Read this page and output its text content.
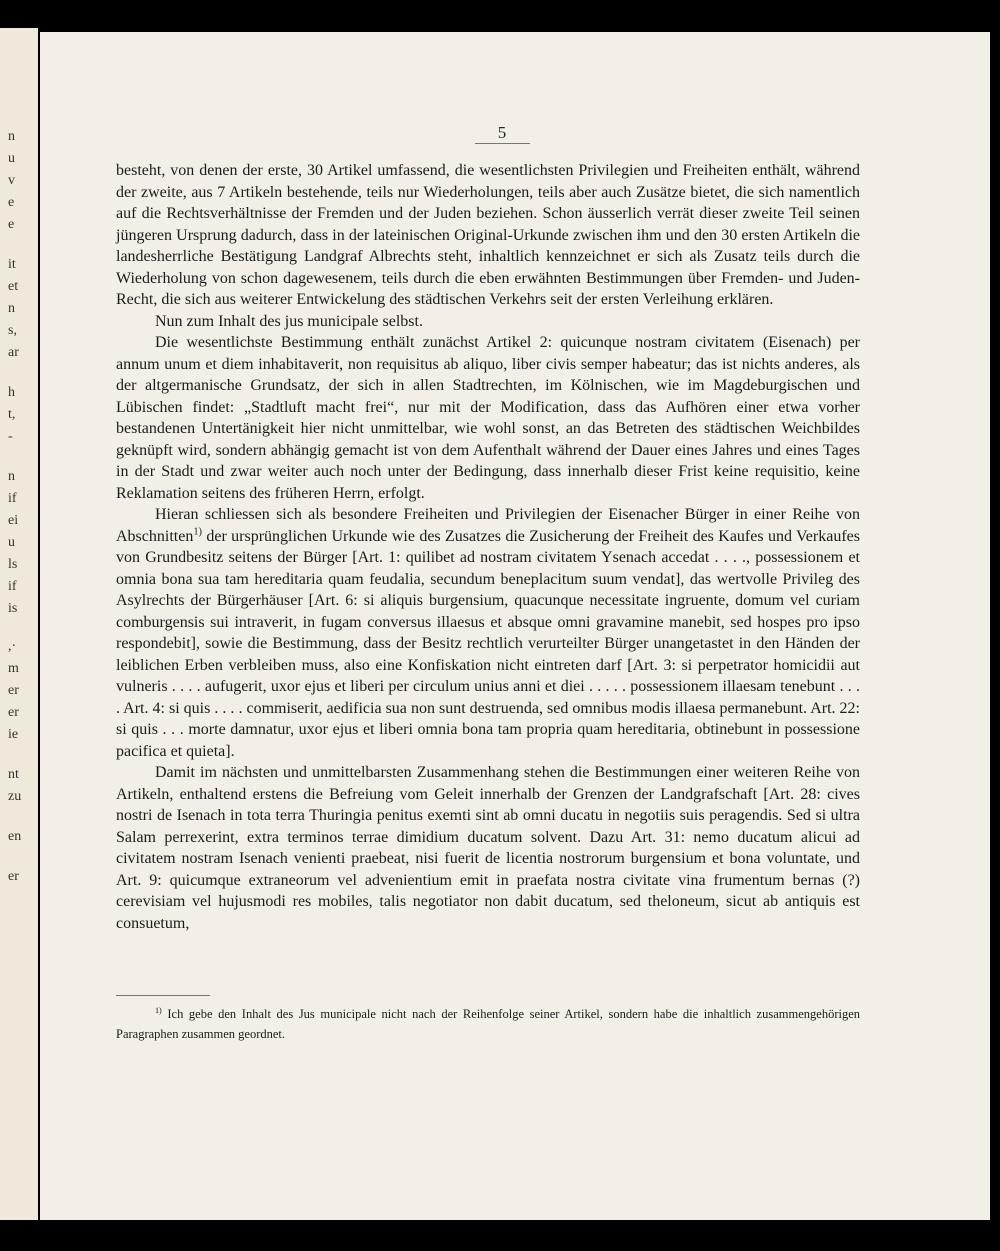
n
u
v
e
e
it
et
n
s,
ar
h
t,
-
n
if
ei
u
ls
if
is
,·
m
er
er
ie
nt
zu
en
er
5

besteht, von denen der erste, 30 Artikel umfassend, die wesentlichsten Privilegien und Freiheiten enthält, während der zweite, aus 7 Artikeln bestehende, teils nur Wiederholungen, teils aber auch Zusätze bietet, die sich namentlich auf die Rechtsverhältnisse der Fremden und der Juden beziehen. Schon äusserlich verrät dieser zweite Teil seinen jüngeren Ursprung dadurch, dass in der lateinischen Original-Urkunde zwischen ihm und den 30 ersten Artikeln die landesherrliche Bestätigung Landgraf Albrechts steht, inhaltlich kennzeichnet er sich als Zusatz teils durch die Wiederholung von schon dagewesenem, teils durch die eben erwähnten Bestimmungen über Fremden- und Juden-Recht, die sich aus weiterer Entwickelung des städtischen Verkehrs seit der ersten Verleihung erklären.

Nun zum Inhalt des jus municipale selbst.

Die wesentlichste Bestimmung enthält zunächst Artikel 2: quicunque nostram civitatem (Eisenach) per annum unum et diem inhabitaverit, non requisitus ab aliquo, liber civis semper habeatur; das ist nichts anderes, als der altgermanische Grundsatz, der sich in allen Stadtrechten, im Kölnischen, wie im Magdeburgischen und Lübischen findet: „Stadtluft macht frei“, nur mit der Modification, dass das Aufhören einer etwa vorher bestandenen Untertänigkeit hier nicht unmittelbar, wie wohl sonst, an das Betreten des städtischen Weichbildes geknüpft wird, sondern abhängig gemacht ist von dem Aufenthalt während der Dauer eines Jahres und eines Tages in der Stadt und zwar weiter auch noch unter der Bedingung, dass innerhalb dieser Frist keine requisitio, keine Reklamation seitens des früheren Herrn, erfolgt.

Hieran schliessen sich als besondere Freiheiten und Privilegien der Eisenacher Bürger in einer Reihe von Abschnitten$^{1)}$ der ursprünglichen Urkunde wie des Zusatzes die Zusicherung der Freiheit des Kaufes und Verkaufes von Grundbesitz seitens der Bürger [Art. 1: quilibet ad nostram civitatem Ysenach accedat . . . ., possessionem et omnia bona sua tam hereditaria quam feudalia, secundum beneplacitum suum vendat], das wertvolle Privileg des Asylrechts der Bürgerhäuser [Art. 6: si aliquis burgensium, quacunque necessitate ingruente, domum vel curiam comburgensis sui intraverit, in fugam conversus illaesus et absque omni gravamine manebit, sed hospes pro ipso respondebit], sowie die Bestimmung, dass der Besitz rechtlich verurteilter Bürger unangetastet in den Händen der leiblichen Erben verbleiben muss, also eine Konfiskation nicht eintreten darf [Art. 3: si perpetrator homicidii aut vulneris . . . . aufugerit, uxor ejus et liberi per circulum unius anni et diei . . . . . possessionem illaesam tenebunt . . . . Art. 4: si quis . . . . commiserit, aedificia sua non sunt destruenda, sed omnibus modis illaesa permanebunt. Art. 22: si quis . . . morte damnatur, uxor ejus et liberi omnia bona tam propria quam hereditaria, obtinebunt in possessione pacifica et quieta].

Damit im nächsten und unmittelbarsten Zusammenhang stehen die Bestimmungen einer weiteren Reihe von Artikeln, enthaltend erstens die Befreiung vom Geleit innerhalb der Grenzen der Landgrafschaft [Art. 28: cives nostri de Isenach in tota terra Thuringia penitus exemti sint ab omni ducatu in negotiis suis peragendis. Sed si ultra Salam perrexerint, extra terminos terrae dimidium ducatum solvent. Dazu Art. 31: nemo ducatum alicui ad civitatem nostram Isenach venienti praebeat, nisi fuerit de licentia nostrorum burgensium et bona voluntate, und Art. 9: quicumque extraneorum vel advenientium emit in praefata nostra civitate vina frumentum bernas (?) cerevisiam vel hujusmodi res mobiles, talis negotiator non dabit ducatum, sed theloneum, sicut ab antiquis est consuetum,

$^{1)}$ Ich gebe den Inhalt des Jus municipale nicht nach der Reihenfolge seiner Artikel, sondern habe die inhaltlich zusammengehörigen Paragraphen zusammen geordnet.
